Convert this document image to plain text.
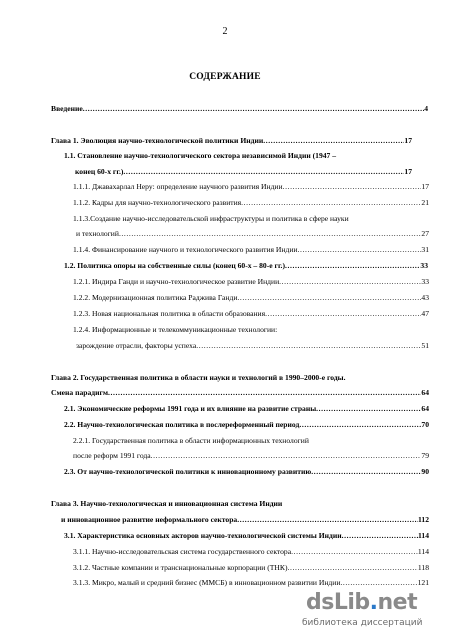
2
СОДЕРЖАНИЕ
Введение .....	4
Глава 1. Эволюция научно-технологической политики Индии .....	17
1.1. Становление научно-технологического сектора независимой Индии (1947 –
конец 60-х гг.) .....	17
1.1.1. Джавахарлал Неру: определение научного развития Индии .....	17
1.1.2. Кадры для научно-технологического развития .....	21
1.1.3.Создание научно-исследовательской инфраструктуры и политика в сфере науки
и технологий .....	27
1.1.4. Финансирование научного и технологического развития Индии .....	31
1.2. Политика опоры на собственные силы (конец 60-х – 80-е гг.) .....	33
1.2.1. Индира Ганди и научно-технологическое развитие Индии .....	33
1.2.2. Модернизационная политика Раджива Ганди .....	43
1.2.3. Новая национальная политика в области образования .....	47
1.2.4. Информационные и телекоммуникационные технологии:
зарождение отрасли, факторы успеха .....	51
Глава 2. Государственная политика в области науки и технологий в 1990–2000-е годы.
Смена парадигм .....	64
2.1. Экономические реформы 1991 года и их влияние на развитие страны .....	64
2.2. Научно-технологическая политика в послереформенный период .....	70
2.2.1. Государственная политика в области информационных технологий
после реформ 1991 года .....	79
2.3. От научно-технологической политики к инновационному развитию .....	90
Глава 3. Научно-технологическая и инновационная система Индии
и инновационное развитие неформального сектора .....	112
3.1. Характеристика основных акторов научно-технологической системы Индии .....	114
3.1.1. Научно-исследовательская система государственного сектора .....	114
3.1.2. Частные компании и транснациональные корпорации (ТНК) .....	118
3.1.3. Микро, малый и средний бизнес (ММСБ) в инновационном развитии Индии .....	121
dsLib.net
библиотека диссертаций
